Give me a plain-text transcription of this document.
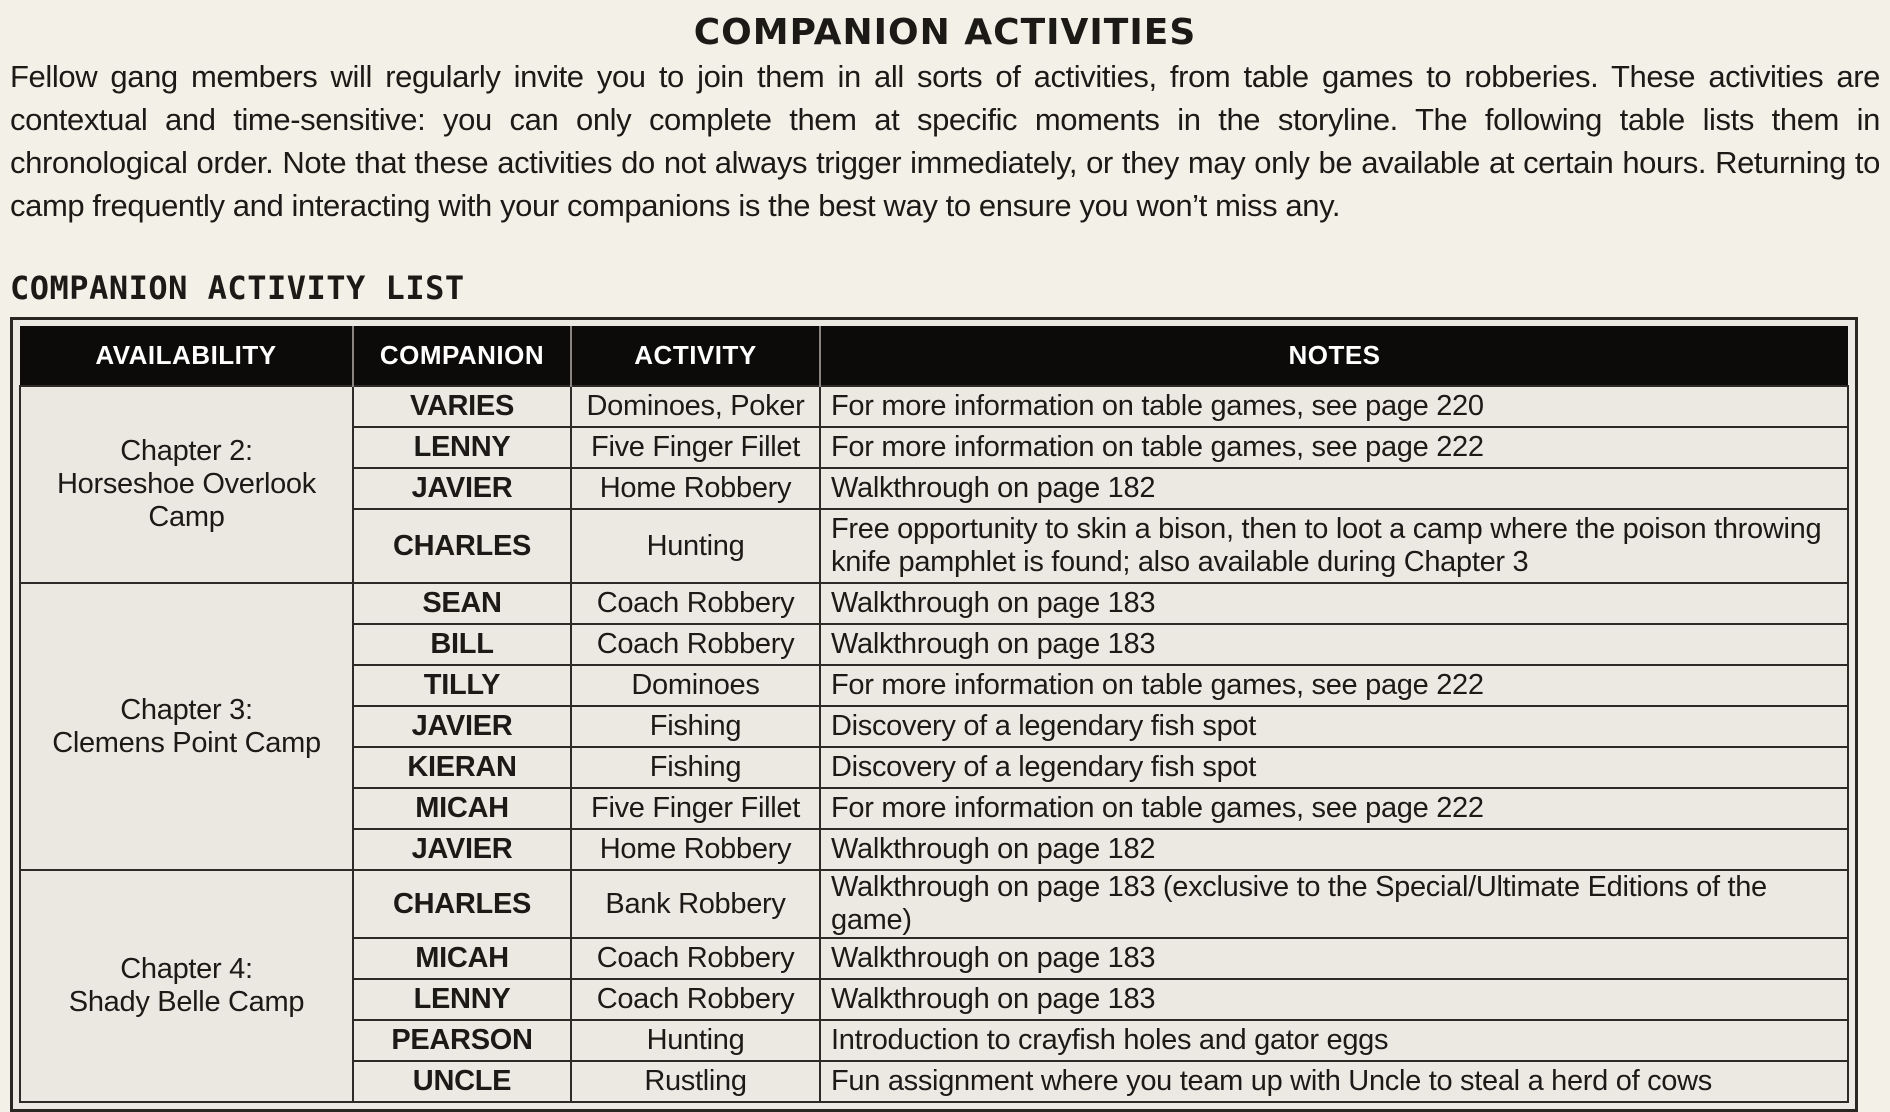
COMPANION ACTIVITIES

Fellow gang members will regularly invite you to join them in all sorts of activities, from table games to robberies. These activities are contextual and time-sensitive: you can only complete them at specific moments in the storyline. The following table lists them in chronological order. Note that these activities do not always trigger immediately, or they may only be available at certain hours. Returning to camp frequently and interacting with your companions is the best way to ensure you won’t miss any.

COMPANION ACTIVITY LIST
AVAILABILITY	COMPANION	ACTIVITY	NOTES
Chapter 2:
Horseshoe Overlook Camp	VARIES	Dominoes, Poker	For more information on table games, see page 220
	LENNY	Five Finger Fillet	For more information on table games, see page 222
	JAVIER	Home Robbery	Walkthrough on page 182
	CHARLES	Hunting	Free opportunity to skin a bison, then to loot a camp where the poison throwing knife pamphlet is found; also available during Chapter 3
Chapter 3:
Clemens Point Camp	SEAN	Coach Robbery	Walkthrough on page 183
	BILL	Coach Robbery	Walkthrough on page 183
	TILLY	Dominoes	For more information on table games, see page 222
	JAVIER	Fishing	Discovery of a legendary fish spot
	KIERAN	Fishing	Discovery of a legendary fish spot
	MICAH	Five Finger Fillet	For more information on table games, see page 222
	JAVIER	Home Robbery	Walkthrough on page 182
Chapter 4:
Shady Belle Camp	CHARLES	Bank Robbery	Walkthrough on page 183 (exclusive to the Special/Ultimate Editions of the game)
	MICAH	Coach Robbery	Walkthrough on page 183
	LENNY	Coach Robbery	Walkthrough on page 183
	PEARSON	Hunting	Introduction to crayfish holes and gator eggs
	UNCLE	Rustling	Fun assignment where you team up with Uncle to steal a herd of cows
